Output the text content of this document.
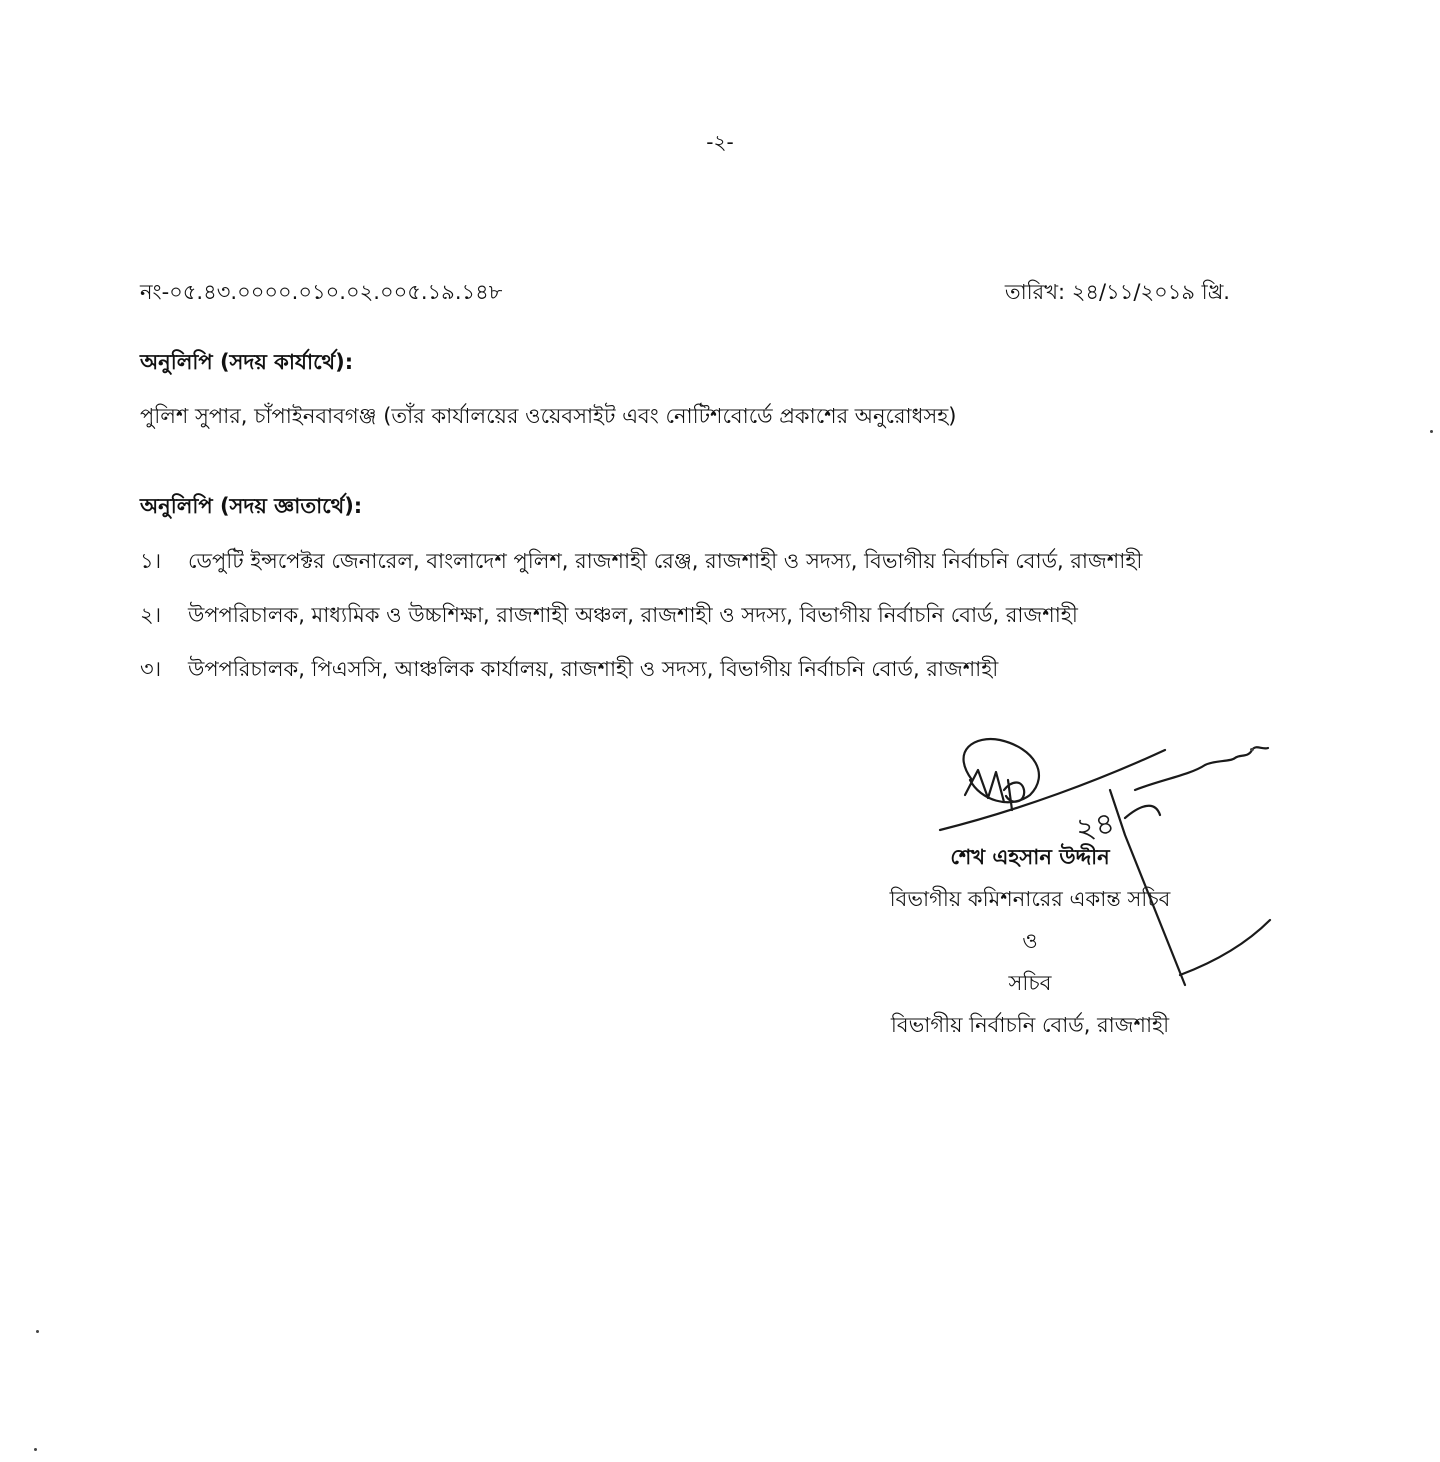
-২-
নং-০৫.৪৩.০০০০.০১০.০২.০০৫.১৯.১৪৮	তারিখ: ২৪/১১/২০১৯ খ্রি.
অনুলিপি (সদয় কার্যার্থে):
পুলিশ সুপার, চাঁপাইনবাবগঞ্জ (তাঁর কার্যালয়ের ওয়েবসাইট এবং নোটিশবোর্ডে প্রকাশের অনুরোধসহ)
অনুলিপি (সদয় জ্ঞাতার্থে):
১।	ডেপুটি ইন্সপেক্টর জেনারেল, বাংলাদেশ পুলিশ, রাজশাহী রেঞ্জ, রাজশাহী ও সদস্য, বিভাগীয় নির্বাচনি বোর্ড, রাজশাহী
২।	উপপরিচালক, মাধ্যমিক ও উচ্চশিক্ষা, রাজশাহী অঞ্চল, রাজশাহী ও সদস্য, বিভাগীয় নির্বাচনি বোর্ড, রাজশাহী
৩।	উপপরিচালক, পিএসসি, আঞ্চলিক কার্যালয়, রাজশাহী ও সদস্য, বিভাগীয় নির্বাচনি বোর্ড, রাজশাহী
শেখ এহসান উদ্দীন
বিভাগীয় কমিশনারের একান্ত সচিব
ও
সচিব
বিভাগীয় নির্বাচনি বোর্ড, রাজশাহী
২৪
